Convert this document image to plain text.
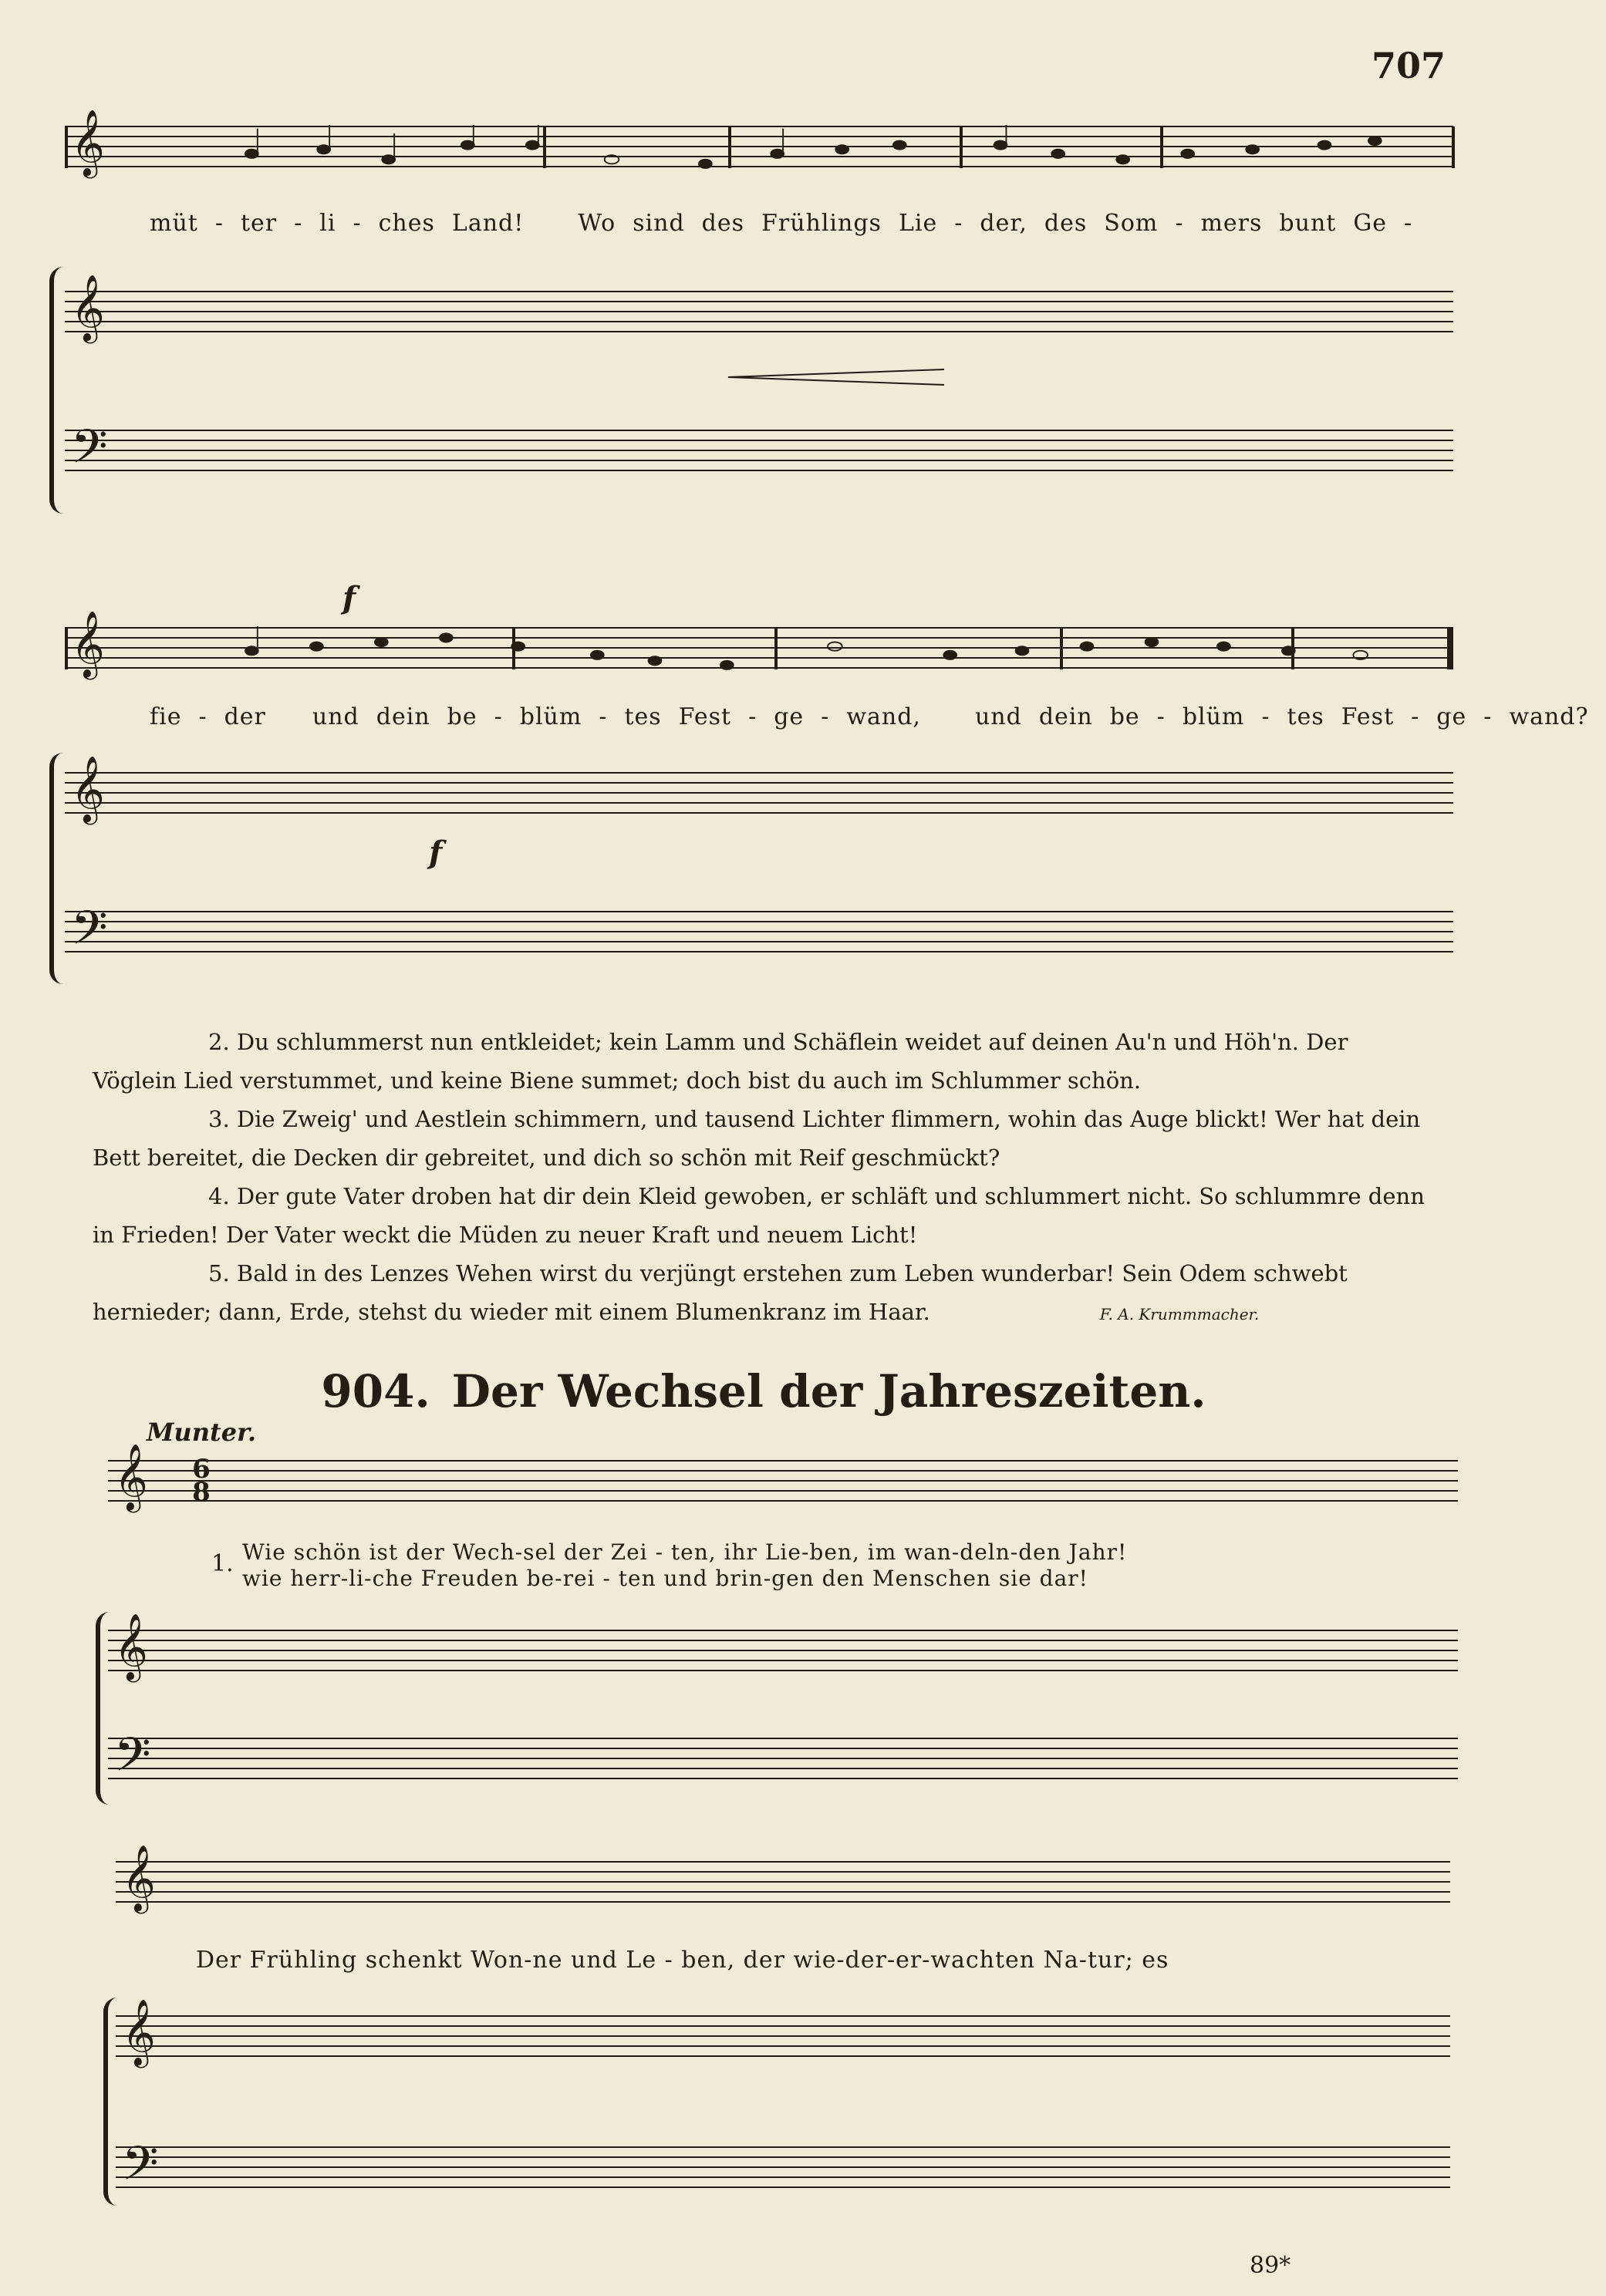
707
𝄞
müt - ter - li - ches Land! Wo sind des Frühlings Lie - der, des Som - mers bunt Ge -
𝄞
𝄢
𝄞
f
fie - der und dein be - blüm - tes Fest - ge - wand, und dein be - blüm - tes Fest - ge - wand?
𝄞
f
𝄢

2. Du schlummerst nun entkleidet; kein Lamm und Schäflein weidet auf deinen Au'n und Höh'n. Der Vöglein Lied verstummet, und keine Biene summet; doch bist du auch im Schlummer schön.

3. Die Zweig' und Aestlein schimmern, und tausend Lichter flimmern, wohin das Auge blickt! Wer hat dein Bett bereitet, die Decken dir gebreitet, und dich so schön mit Reif geschmückt?

4. Der gute Vater droben hat dir dein Kleid gewoben, er schläft und schlummert nicht. So schlummre denn in Frieden! Der Vater weckt die Müden zu neuer Kraft und neuem Licht!

5. Bald in des Lenzes Wehen wirst du verjüngt erstehen zum Leben wunderbar! Sein Odem schwebt hernieder; dann, Erde, stehst du wieder mit einem Blumenkranz im Haar.	F. A. Krummmacher.

904. Der Wechsel der Jahreszeiten.
Munter.
𝄞 6
8
1. Wie schön ist der Wech-sel der Zei - ten, ihr Lie-ben, im wan-deln-den Jahr!
wie herr-li-che Freuden be-rei - ten und brin-gen den Menschen sie dar!
𝄞
𝄢
𝄞
Der Frühling schenkt Won-ne und Le - ben, der wie-der-er-wachten Na-tur; es
𝄞
𝄢
89*
